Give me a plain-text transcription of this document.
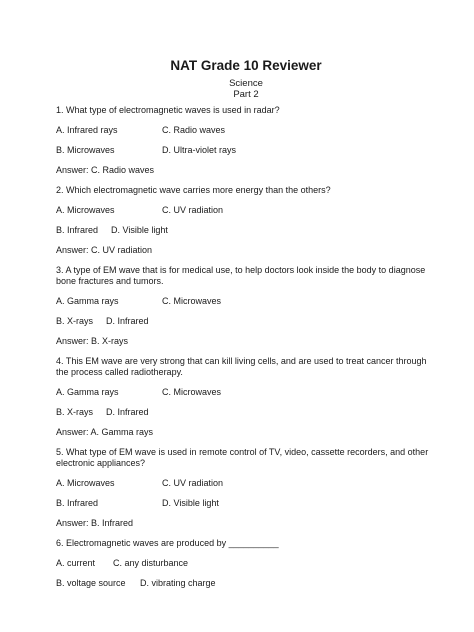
NAT Grade 10 Reviewer
Science
Part 2
1. What type of electromagnetic waves is used in radar?
A. Infrared rays	C. Radio waves
B. Microwaves	D. Ultra-violet rays
Answer: C. Radio waves
2. Which electromagnetic wave carries more energy than the others?
A. Microwaves	C. UV radiation
B. Infrared D. Visible light
Answer: C. UV radiation
3. A type of EM wave that is for medical use, to help doctors look inside the body to diagnose bone fractures and tumors.
A. Gamma rays	C. Microwaves
B. X-rays D. Infrared
Answer: B. X-rays
4. This EM wave are very strong that can kill living cells, and are used to treat cancer through the process called radiotherapy.
A. Gamma rays	C. Microwaves
B. X-rays D. Infrared
Answer: A. Gamma rays
5. What type of EM wave is used in remote control of TV, video, cassette recorders, and other electronic appliances?
A. Microwaves	C. UV radiation
B. Infrared	D. Visible light
Answer: B. Infrared
6. Electromagnetic waves are produced by __________
A. current C. any disturbance
B. voltage source D. vibrating charge
